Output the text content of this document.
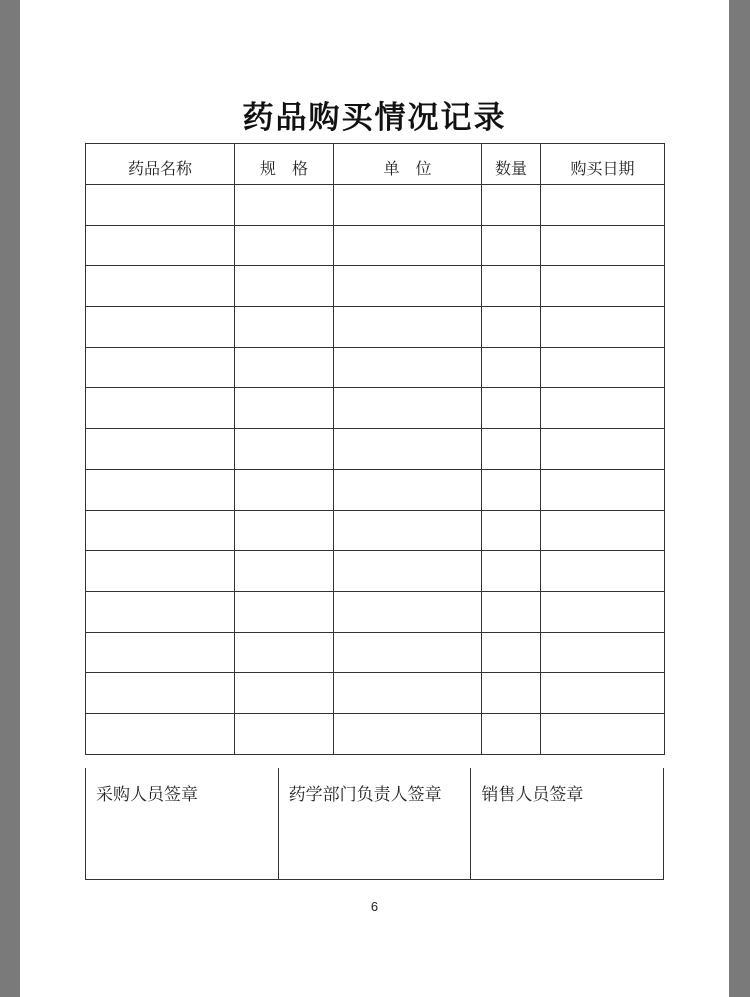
药品购买情况记录
药品名称	规　格	单　位	数量	购买日期

采购人员签章	药学部门负责人签章	销售人员签章
6
